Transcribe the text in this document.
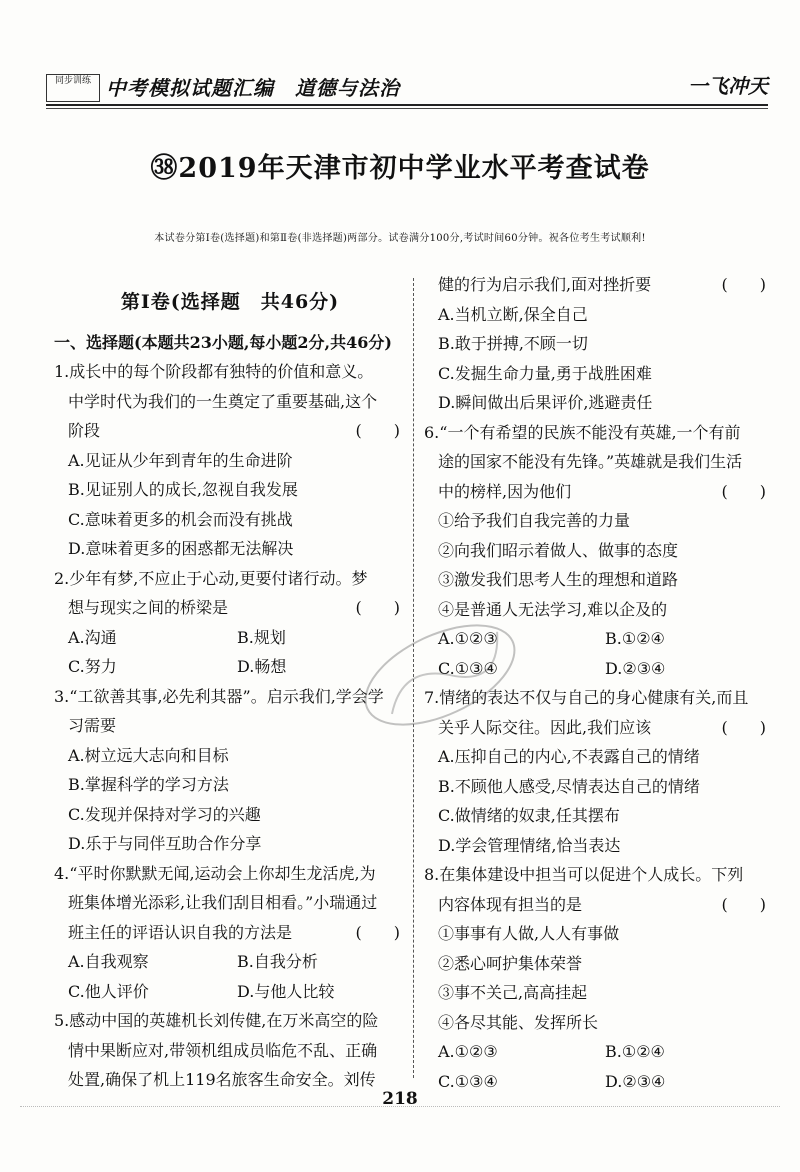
同步训练 中考模拟试题汇编　道德与法治	一飞冲天
㊳2019年天津市初中学业水平考查试卷
本试卷分第Ⅰ卷(选择题)和第Ⅱ卷(非选择题)两部分。试卷满分100分,考试时间60分钟。祝各位考生考试顺利!
第Ⅰ卷(选择题　共46分)
一、选择题(本题共23小题,每小题2分,共46分)
1.成长中的每个阶段都有独特的价值和意义。
中学时代为我们的一生奠定了重要基础,这个
阶段	(　　)
A.见证从少年到青年的生命进阶
B.见证别人的成长,忽视自我发展
C.意味着更多的机会而没有挑战
D.意味着更多的困惑都无法解决
2.少年有梦,不应止于心动,更要付诸行动。梦
想与现实之间的桥梁是	(　　)
A.沟通	B.规划
C.努力	D.畅想
3.“工欲善其事,必先利其器”。启示我们,学会学
习需要
A.树立远大志向和目标
B.掌握科学的学习方法
C.发现并保持对学习的兴趣
D.乐于与同伴互助合作分享
4.“平时你默默无闻,运动会上你却生龙活虎,为
班集体增光添彩,让我们刮目相看。”小瑞通过
班主任的评语认识自我的方法是	(　　)
A.自我观察	B.自我分析
C.他人评价	D.与他人比较
5.感动中国的英雄机长刘传健,在万米高空的险
情中果断应对,带领机组成员临危不乱、正确
处置,确保了机上119名旅客生命安全。刘传
健的行为启示我们,面对挫折要	(　　)
A.当机立断,保全自己
B.敢于拼搏,不顾一切
C.发掘生命力量,勇于战胜困难
D.瞬间做出后果评价,逃避责任
6.“一个有希望的民族不能没有英雄,一个有前
途的国家不能没有先锋。”英雄就是我们生活
中的榜样,因为他们	(　　)
①给予我们自我完善的力量
②向我们昭示着做人、做事的态度
③激发我们思考人生的理想和道路
④是普通人无法学习,难以企及的
A.①②③	B.①②④
C.①③④	D.②③④
7.情绪的表达不仅与自己的身心健康有关,而且
关乎人际交往。因此,我们应该	(　　)
A.压抑自己的内心,不表露自己的情绪
B.不顾他人感受,尽情表达自己的情绪
C.做情绪的奴隶,任其摆布
D.学会管理情绪,恰当表达
8.在集体建设中担当可以促进个人成长。下列
内容体现有担当的是	(　　)
①事事有人做,人人有事做
②悉心呵护集体荣誉
③事不关己,高高挂起
④各尽其能、发挥所长
A.①②③	B.①②④
C.①③④	D.②③④
218
